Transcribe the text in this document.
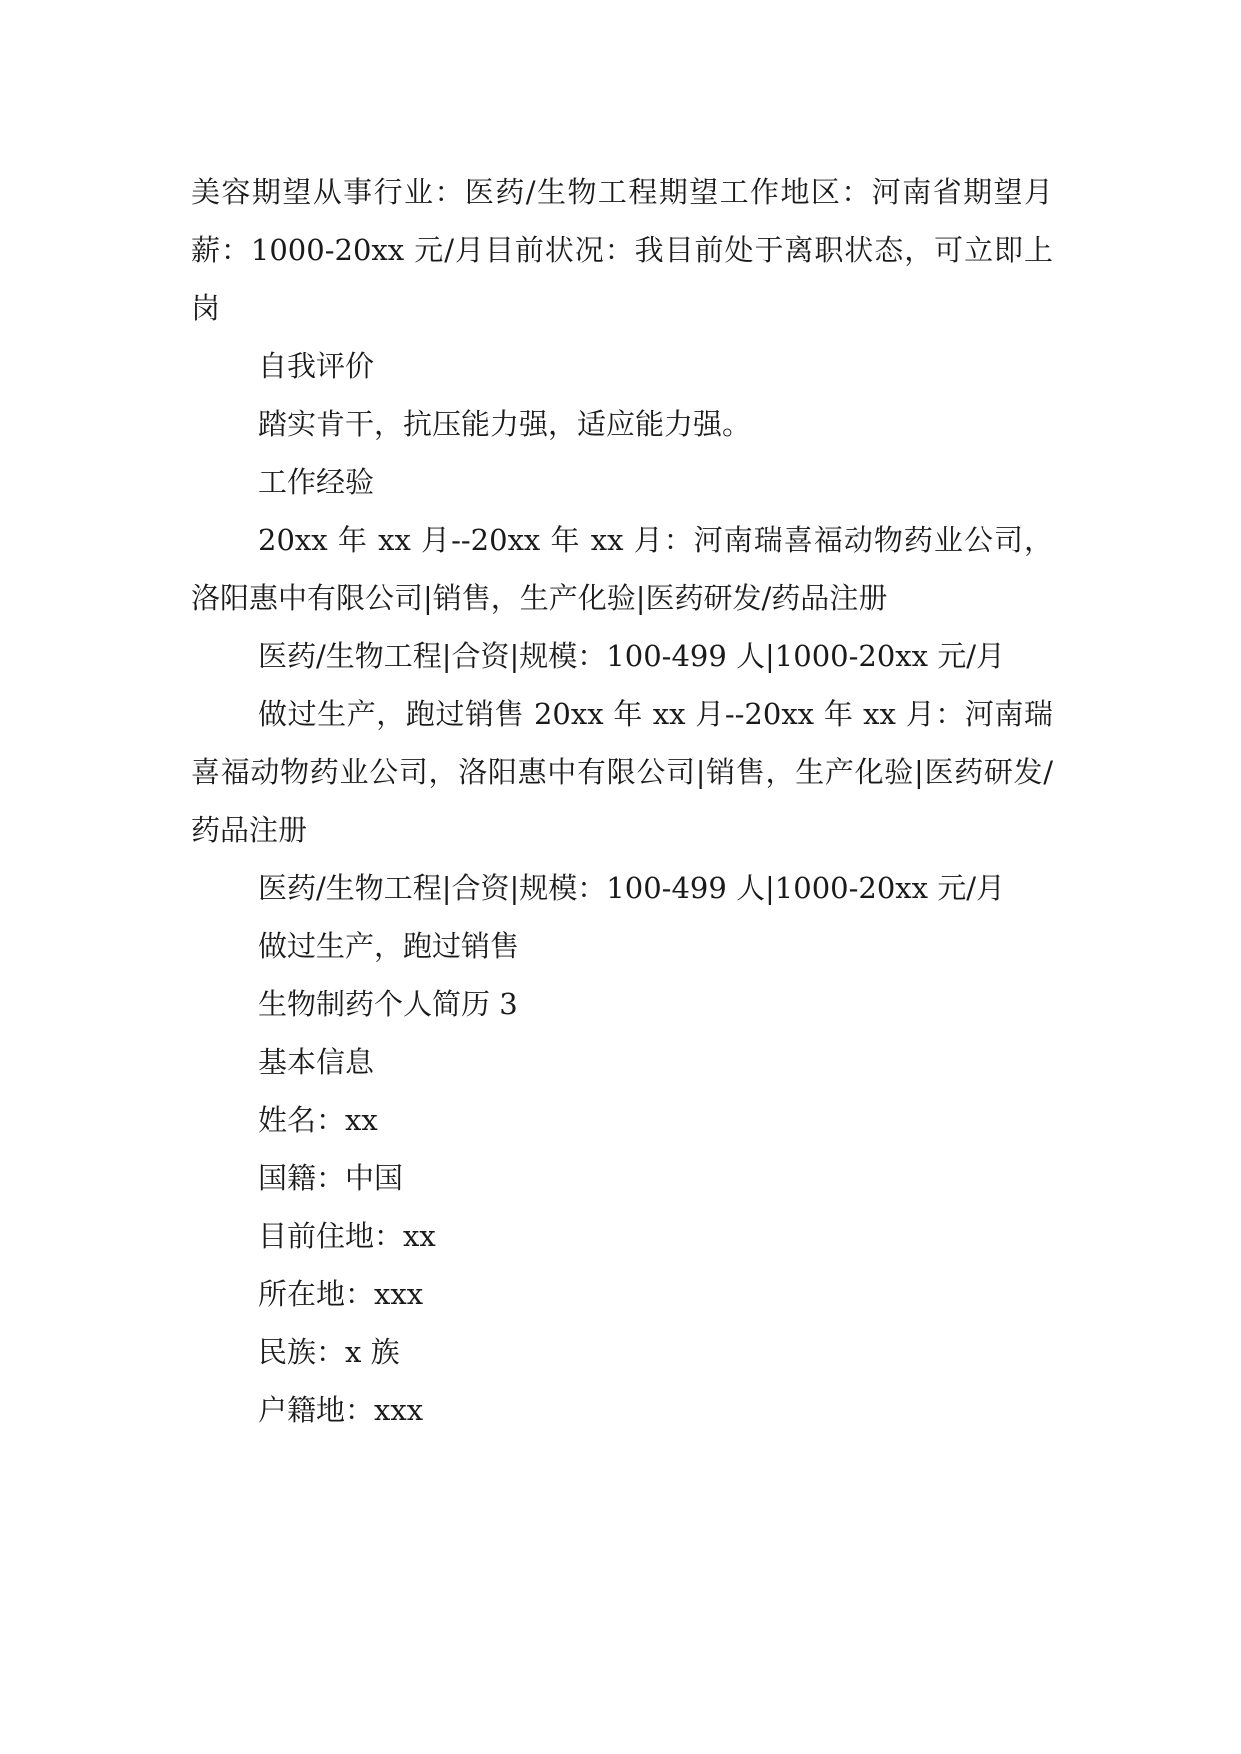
美容期望从事行业：医药/生物工程期望工作地区：河南省期望月薪：1000-20xx 元/月目前状况：我目前处于离职状态，可立即上岗

自我评价

踏实肯干，抗压能力强，适应能力强。

工作经验

20xx 年 xx 月--20xx 年 xx 月：河南瑞喜福动物药业公司，洛阳惠中有限公司|销售，生产化验|医药研发/药品注册

医药/生物工程|合资|规模：100-499 人|1000-20xx 元/月

做过生产，跑过销售 20xx 年 xx 月--20xx 年 xx 月：河南瑞喜福动物药业公司，洛阳惠中有限公司|销售，生产化验|医药研发/药品注册

医药/生物工程|合资|规模：100-499 人|1000-20xx 元/月

做过生产，跑过销售

生物制药个人简历 3

基本信息

姓名：xx

国籍：中国

目前住地：xx

所在地：xxx

民族：x 族

户籍地：xxx
